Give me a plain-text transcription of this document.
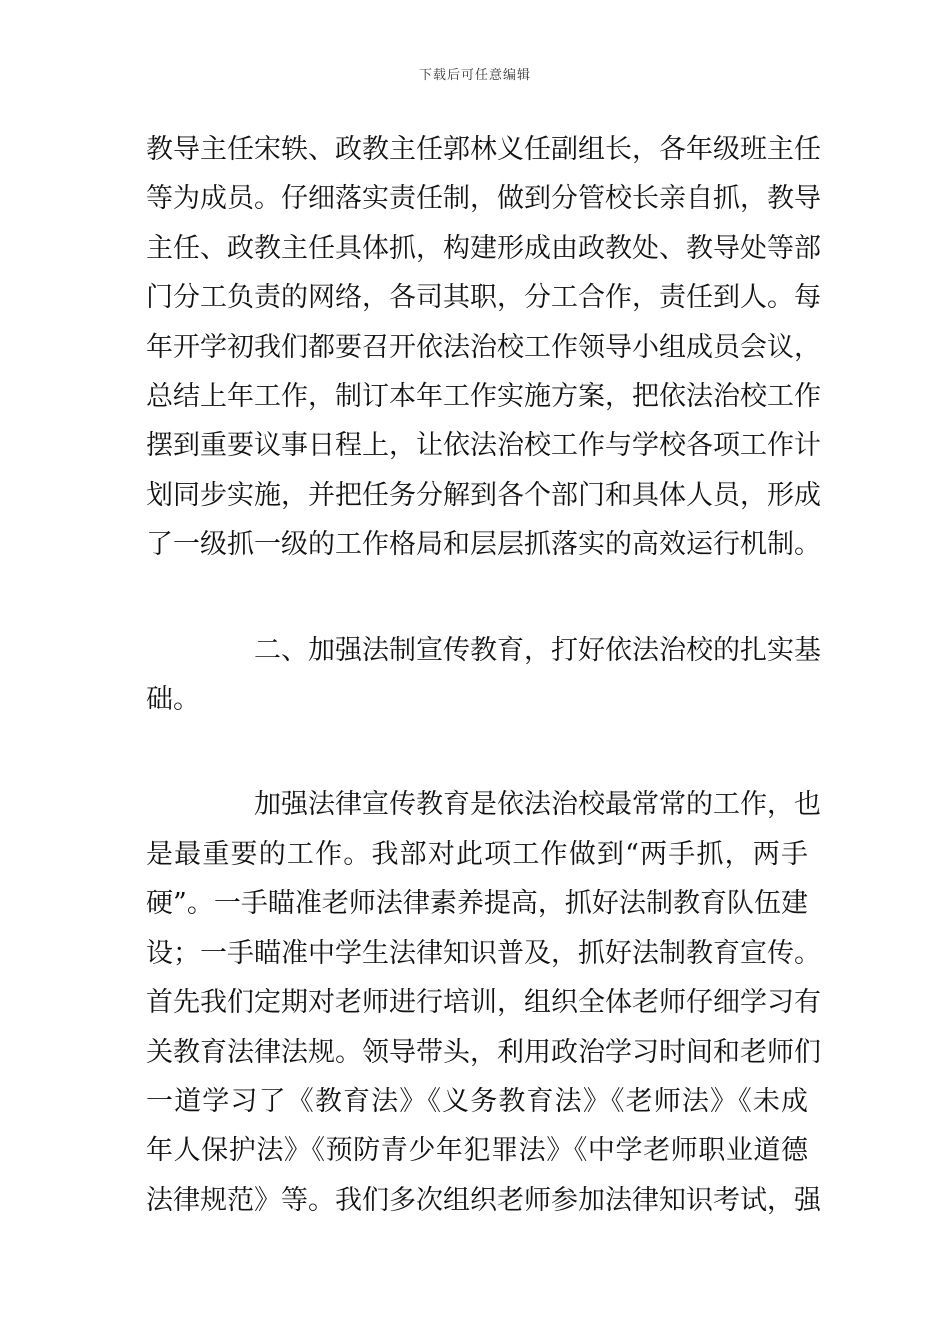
下载后可任意编辑

教导主任宋轶、政教主任郭林义任副组长，各年级班主任
等为成员。仔细落实责任制，做到分管校长亲自抓，教导
主任、政教主任具体抓，构建形成由政教处、教导处等部
门分工负责的网络，各司其职，分工合作，责任到人。每
年开学初我们都要召开依法治校工作领导小组成员会议，
总结上年工作，制订本年工作实施方案，把依法治校工作
摆到重要议事日程上，让依法治校工作与学校各项工作计
划同步实施，并把任务分解到各个部门和具体人员，形成
了一级抓一级的工作格局和层层抓落实的高效运行机制。

二、加强法制宣传教育，打好依法治校的扎实基
础。

加强法律宣传教育是依法治校最常常的工作，也
是最重要的工作。我部对此项工作做到“两手抓，两手
硬”。一手瞄准老师法律素养提高，抓好法制教育队伍建
设；一手瞄准中学生法律知识普及，抓好法制教育宣传。
首先我们定期对老师进行培训，组织全体老师仔细学习有
关教育法律法规。领导带头，利用政治学习时间和老师们
一道学习了《教育法》《义务教育法》《老师法》《未成
年人保护法》《预防青少年犯罪法》《中学老师职业道德
法律规范》等。我们多次组织老师参加法律知识考试，强
